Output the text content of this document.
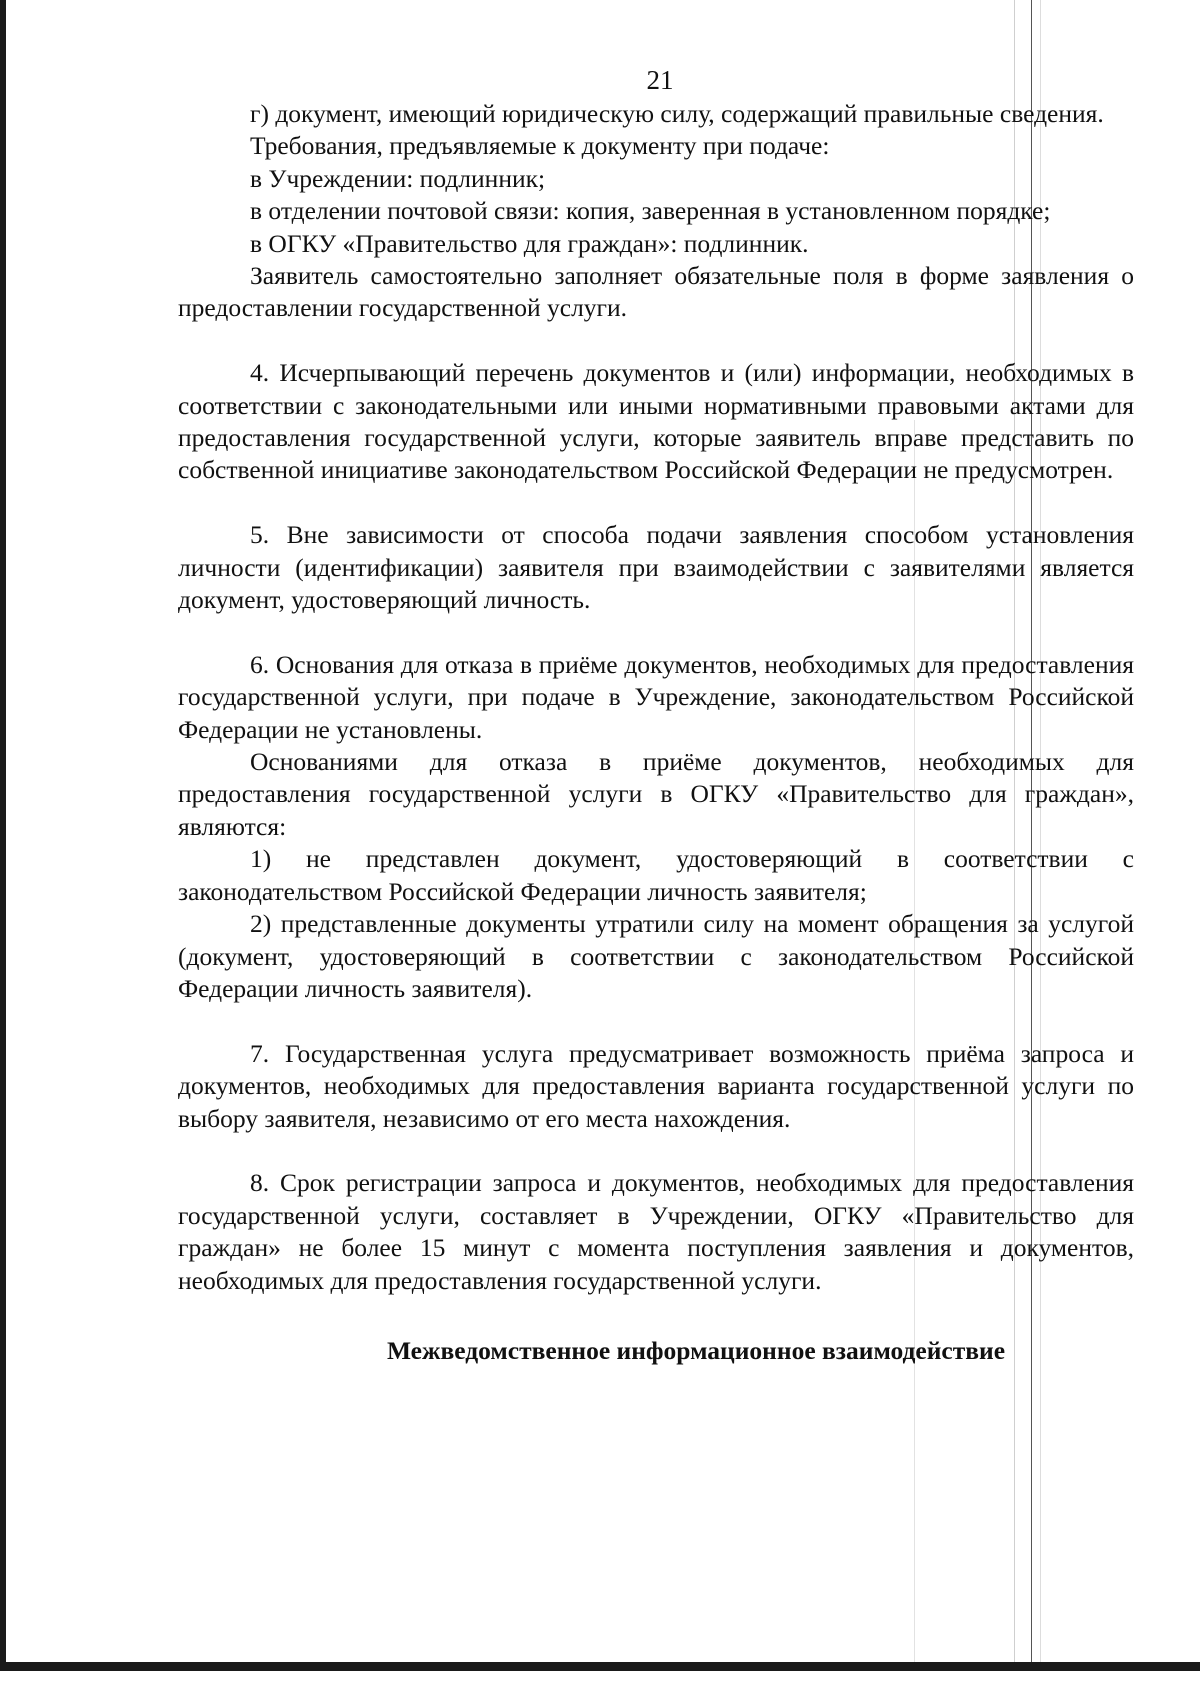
21

г) документ, имеющий юридическую силу, содержащий правильные сведения.

Требования, предъявляемые к документу при подаче:

в Учреждении: подлинник;

в отделении почтовой связи: копия, заверенная в установленном порядке;

в ОГКУ «Правительство для граждан»: подлинник.

Заявитель самостоятельно заполняет обязательные поля в форме заявления о предоставлении государственной услуги.

4. Исчерпывающий перечень документов и (или) информации, необходимых в соответствии с законодательными или иными нормативными правовыми актами для предоставления государственной услуги, которые заявитель вправе представить по собственной инициативе законодательством Российской Федерации не предусмотрен.

5. Вне зависимости от способа подачи заявления способом установления личности (идентификации) заявителя при взаимодействии с заявителями является документ, удостоверяющий личность.

6. Основания для отказа в приёме документов, необходимых для предоставления государственной услуги, при подаче в Учреждение, законодательством Российской Федерации не установлены.

Основаниями для отказа в приёме документов, необходимых для предоставления государственной услуги в ОГКУ «Правительство для граждан», являются:

1) не представлен документ, удостоверяющий в соответствии с законодательством Российской Федерации личность заявителя;

2) представленные документы утратили силу на момент обращения за услугой (документ, удостоверяющий в соответствии с законодательством Российской Федерации личность заявителя).

7. Государственная услуга предусматривает возможность приёма запроса и документов, необходимых для предоставления варианта государственной услуги по выбору заявителя, независимо от его места нахождения.

8. Срок регистрации запроса и документов, необходимых для предоставления государственной услуги, составляет в Учреждении, ОГКУ «Правительство для граждан» не более 15 минут с момента поступления заявления и документов, необходимых для предоставления государственной услуги.

Межведомственное информационное взаимодействие
